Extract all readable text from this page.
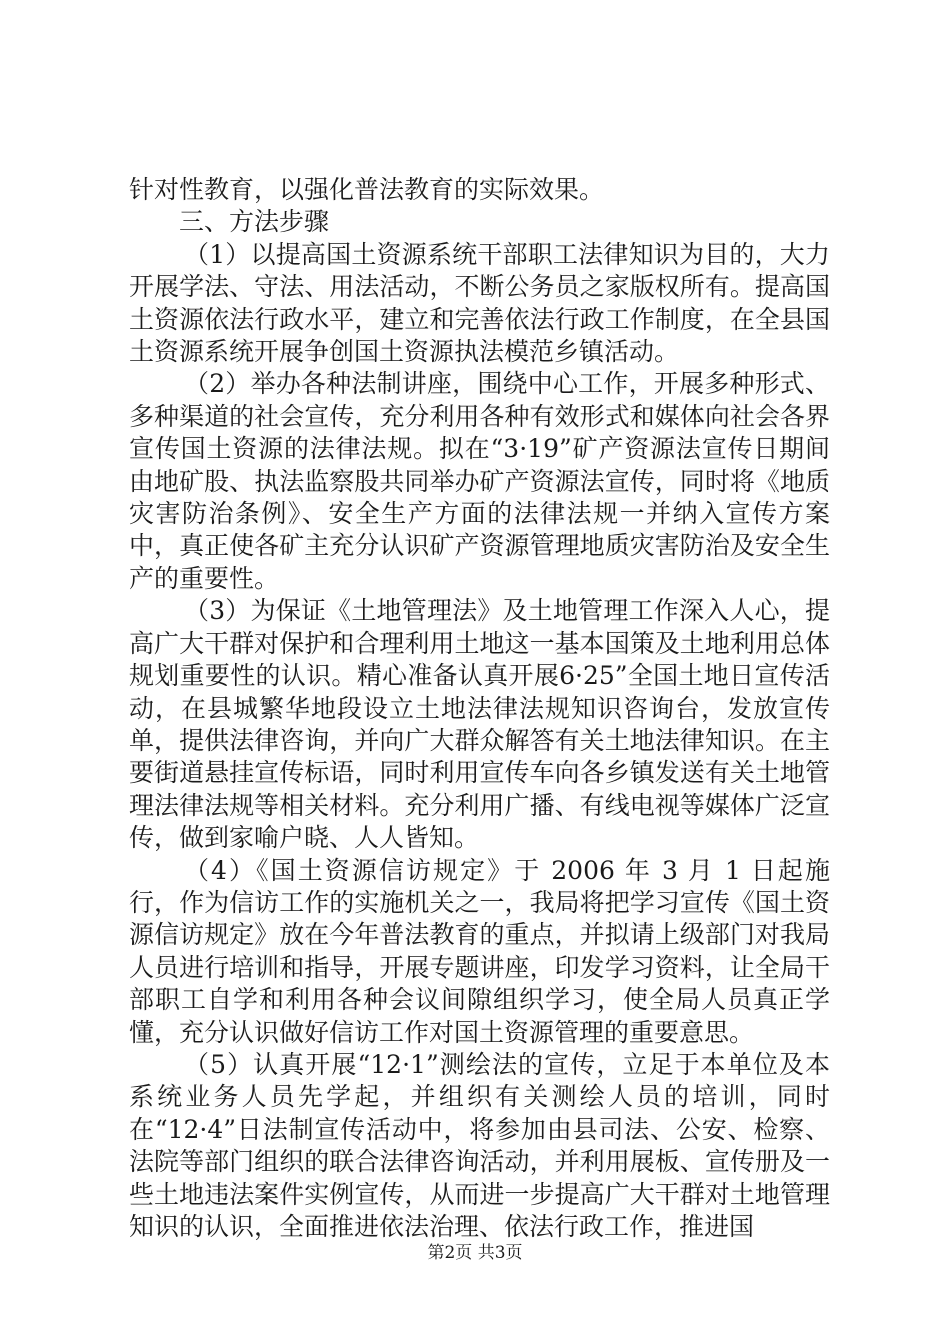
针对性教育，以强化普法教育的实际效果。

三、方法步骤

（1）以提高国土资源系统干部职工法律知识为目的，大力开展学法、守法、用法活动，不断公务员之家版权所有。提高国土资源依法行政水平，建立和完善依法行政工作制度，在全县国土资源系统开展争创国土资源执法模范乡镇活动。

（2）举办各种法制讲座，围绕中心工作，开展多种形式、多种渠道的社会宣传，充分利用各种有效形式和媒体向社会各界宣传国土资源的法律法规。拟在“3·19”矿产资源法宣传日期间由地矿股、执法监察股共同举办矿产资源法宣传，同时将《地质灾害防治条例》、安全生产方面的法律法规一并纳入宣传方案中，真正使各矿主充分认识矿产资源管理地质灾害防治及安全生产的重要性。

（3）为保证《土地管理法》及土地管理工作深入人心，提高广大干群对保护和合理利用土地这一基本国策及土地利用总体规划重要性的认识。精心准备认真开展6·25”全国土地日宣传活动，在县城繁华地段设立土地法律法规知识咨询台，发放宣传单，提供法律咨询，并向广大群众解答有关土地法律知识。在主要街道悬挂宣传标语，同时利用宣传车向各乡镇发送有关土地管理法律法规等相关材料。充分利用广播、有线电视等媒体广泛宣传，做到家喻户晓、人人皆知。

（4）《国土资源信访规定》于 2006 年 3 月 1 日起施行，作为信访工作的实施机关之一，我局将把学习宣传《国土资源信访规定》放在今年普法教育的重点，并拟请上级部门对我局人员进行培训和指导，开展专题讲座，印发学习资料，让全局干部职工自学和利用各种会议间隙组织学习，使全局人员真正学懂，充分认识做好信访工作对国土资源管理的重要意思。

（5）认真开展“12·1”测绘法的宣传，立足于本单位及本系统业务人员先学起，并组织有关测绘人员的培训，同时在“12·4”日法制宣传活动中，将参加由县司法、公安、检察、法院等部门组织的联合法律咨询活动，并利用展板、宣传册及一些土地违法案件实例宣传，从而进一步提高广大干群对土地管理知识的认识，全面推进依法治理、依法行政工作，推进国

第2页 共3页
